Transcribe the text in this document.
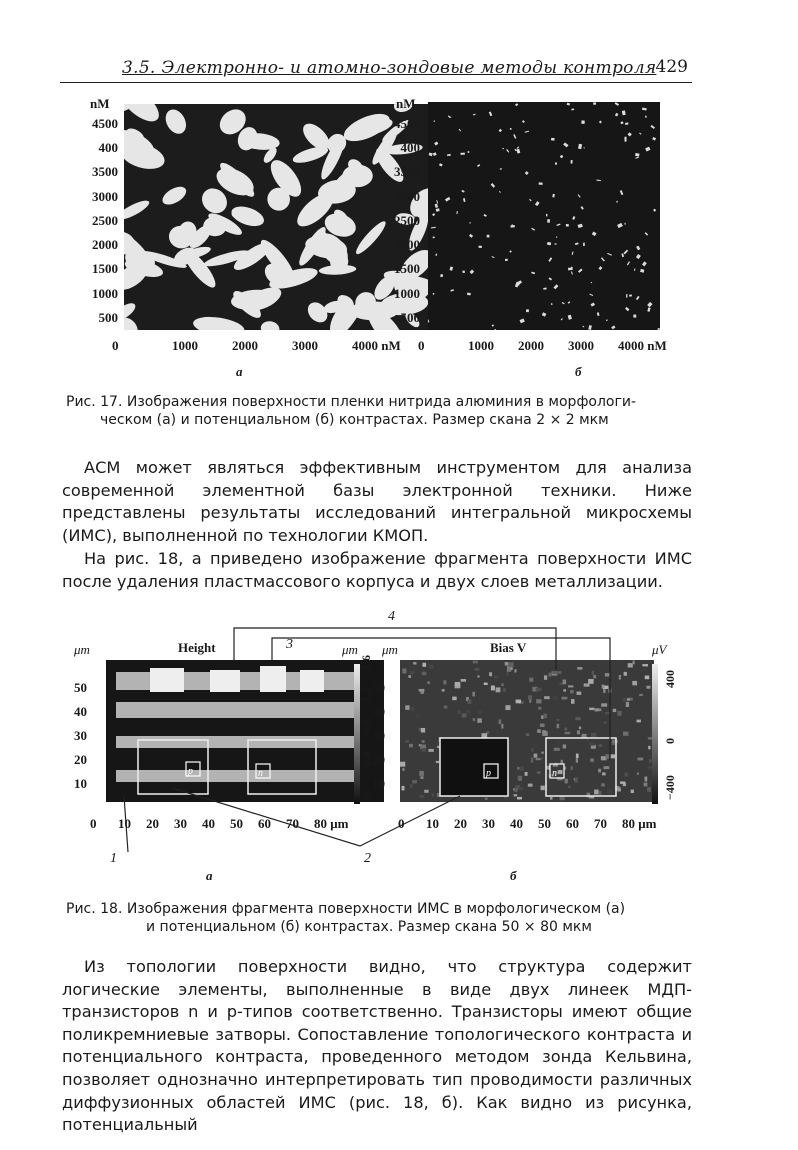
3.5. Электронно- и атомно-зондовые методы контроля 429
nM
4500
400
3500
3000
2500
2000
1500
1000
500
0	1000	2000	3000	4000 nM
а
nM
4500
400
3500
3000
2500
2000
1500
1000
500
0	1000 2000 3000 4000 nM
б
Рис. 17. Изображения поверхности пленки нитрида алюминия в морфологи-
ческом (а) и потенциальном (б) контрастах. Размер скана 2 × 2 мкм
АСМ может являться эффективным инструментом для анализа современной элементной базы электронной техники. Ниже представлены результаты исследований интегральной микросхемы (ИМС), выполненной по технологии КМОП.
На рис. 18, а приведено изображение фрагмента поверхности ИМС после удаления пластмассового корпуса и двух слоев металлизации.
μm	Height	μm μm	Bias V	μV
50	50
40	40
30	30
20	20
10	10
0 10 20 30 40 50 60 70 80 μm	0 10 20 30 40 50 60 70 80 μm
0
0,4
0,8
1,2
1,6
−400
0
400
1	2
3
4
p	n	p	n
а	б
Рис. 18. Изображения фрагмента поверхности ИМС в морфологическом (а)
и потенциальном (б) контрастах. Размер скана 50 × 80 мкм
Из топологии поверхности видно, что структура содержит логические элементы, выполненные в виде двух линеек МДП-транзисторов n и p-типов соответственно. Транзисторы имеют общие поликремниевые затворы. Сопоставление топологического контраста и потенциального контраста, проведенного методом зонда Кельвина, позволяет однозначно интерпретировать тип проводимости различных диффузионных областей ИМС (рис. 18, б). Как видно из рисунка, потенциальный
